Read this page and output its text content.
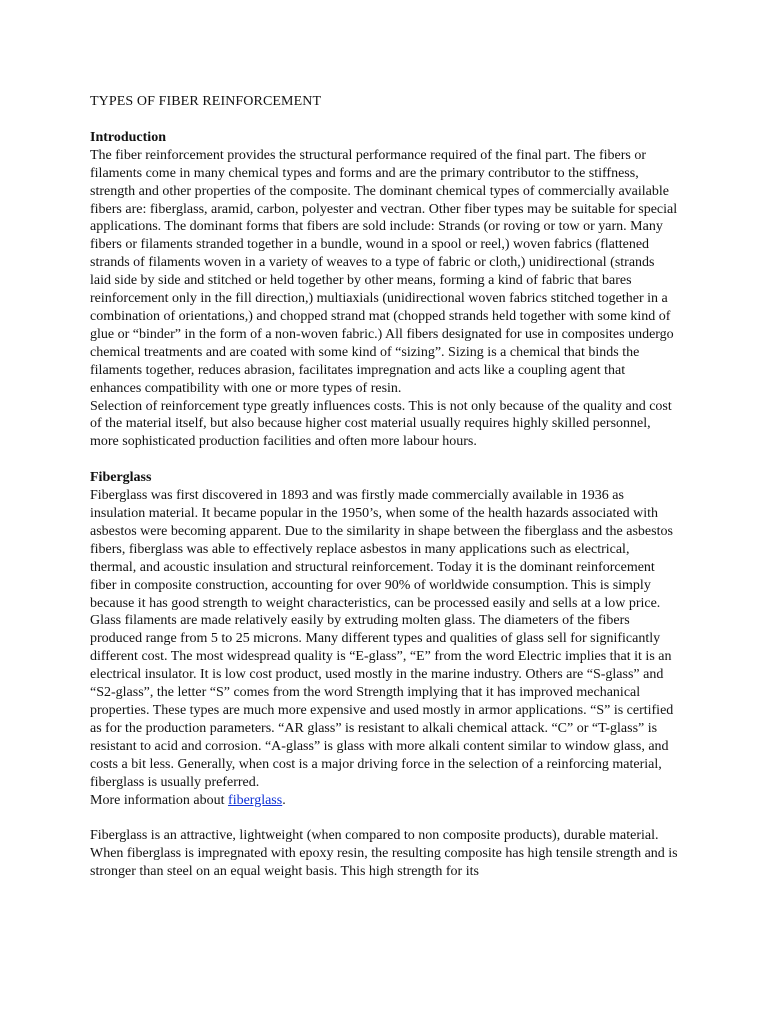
TYPES OF FIBER REINFORCEMENT
Introduction

The fiber reinforcement provides the structural performance required of the final part. The fibers or filaments come in many chemical types and forms and are the primary contributor to the stiffness, strength and other properties of the composite. The dominant chemical types of commercially available fibers are: fiberglass, aramid, carbon, polyester and vectran. Other fiber types may be suitable for special applications. The dominant forms that fibers are sold include: Strands (or roving or tow or yarn. Many fibers or filaments stranded together in a bundle, wound in a spool or reel,) woven fabrics (flattened strands of filaments woven in a variety of weaves to a type of fabric or cloth,) unidirectional (strands laid side by side and stitched or held together by other means, forming a kind of fabric that bares reinforcement only in the fill direction,) multiaxials (unidirectional woven fabrics stitched together in a combination of orientations,) and chopped strand mat (chopped strands held together with some kind of glue or “binder” in the form of a non-woven fabric.) All fibers designated for use in composites undergo chemical treatments and are coated with some kind of “sizing”. Sizing is a chemical that binds the filaments together, reduces abrasion, facilitates impregnation and acts like a coupling agent that enhances compatibility with one or more types of resin.

Selection of reinforcement type greatly influences costs. This is not only because of the quality and cost of the material itself, but also because higher cost material usually requires highly skilled personnel, more sophisticated production facilities and often more labour hours.

Fiberglass

Fiberglass was first discovered in 1893 and was firstly made commercially available in 1936 as insulation material. It became popular in the 1950’s, when some of the health hazards associated with asbestos were becoming apparent. Due to the similarity in shape between the fiberglass and the asbestos fibers, fiberglass was able to effectively replace asbestos in many applications such as electrical, thermal, and acoustic insulation and structural reinforcement. Today it is the dominant reinforcement fiber in composite construction, accounting for over 90% of worldwide consumption. This is simply because it has good strength to weight characteristics, can be processed easily and sells at a low price. Glass filaments are made relatively easily by extruding molten glass. The diameters of the fibers produced range from 5 to 25 microns. Many different types and qualities of glass sell for significantly different cost. The most widespread quality is “E-glass”, “E” from the word Electric implies that it is an electrical insulator. It is low cost product, used mostly in the marine industry. Others are “S-glass” and “S2-glass”, the letter “S” comes from the word Strength implying that it has improved mechanical properties. These types are much more expensive and used mostly in armor applications. “S” is certified as for the production parameters. “AR glass” is resistant to alkali chemical attack. “C” or “T-glass” is resistant to acid and corrosion. “A-glass” is glass with more alkali content similar to window glass, and costs a bit less. Generally, when cost is a major driving force in the selection of a reinforcing material, fiberglass is usually preferred.

More information about fiberglass.

Fiberglass is an attractive, lightweight (when compared to non composite products), durable material. When fiberglass is impregnated with epoxy resin, the resulting composite has high tensile strength and is stronger than steel on an equal weight basis. This high strength for its
